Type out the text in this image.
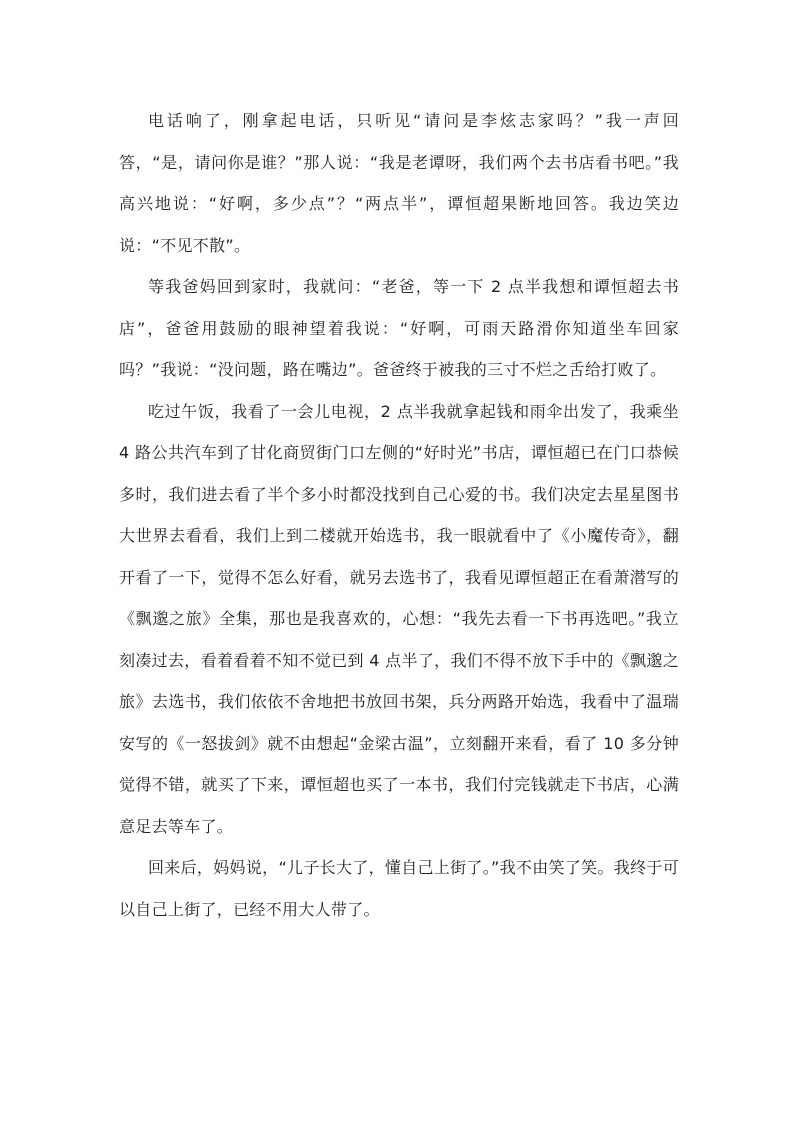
电话响了，刚拿起电话，只听见“请问是李炫志家吗？”我一声回答，“是，请问你是谁？”那人说：“我是老谭呀，我们两个去书店看书吧。”我高兴地说：“好啊，多少点”？“两点半”，谭恒超果断地回答。我边笑边说：“不见不散”。

等我爸妈回到家时，我就问：“老爸，等一下 2 点半我想和谭恒超去书店”，爸爸用鼓励的眼神望着我说：“好啊，可雨天路滑你知道坐车回家吗？”我说：“没问题，路在嘴边”。爸爸终于被我的三寸不烂之舌给打败了。

吃过午饭，我看了一会儿电视，2 点半我就拿起钱和雨伞出发了，我乘坐 4 路公共汽车到了甘化商贸街门口左侧的“好时光”书店，谭恒超已在门口恭候多时，我们进去看了半个多小时都没找到自己心爱的书。我们决定去星星图书大世界去看看，我们上到二楼就开始选书，我一眼就看中了《小魔传奇》，翻开看了一下，觉得不怎么好看，就另去选书了，我看见谭恒超正在看萧潜写的《飘邈之旅》全集，那也是我喜欢的，心想：“我先去看一下书再选吧。”我立刻凑过去，看着看着不知不觉已到 4 点半了，我们不得不放下手中的《飘邈之旅》去选书，我们依依不舍地把书放回书架，兵分两路开始选，我看中了温瑞安写的《一怒拔剑》就不由想起“金梁古温”，立刻翻开来看，看了 10 多分钟觉得不错，就买了下来，谭恒超也买了一本书，我们付完钱就走下书店，心满意足去等车了。

回来后，妈妈说，“儿子长大了，懂自己上街了。”我不由笑了笑。我终于可以自己上街了，已经不用大人带了。
